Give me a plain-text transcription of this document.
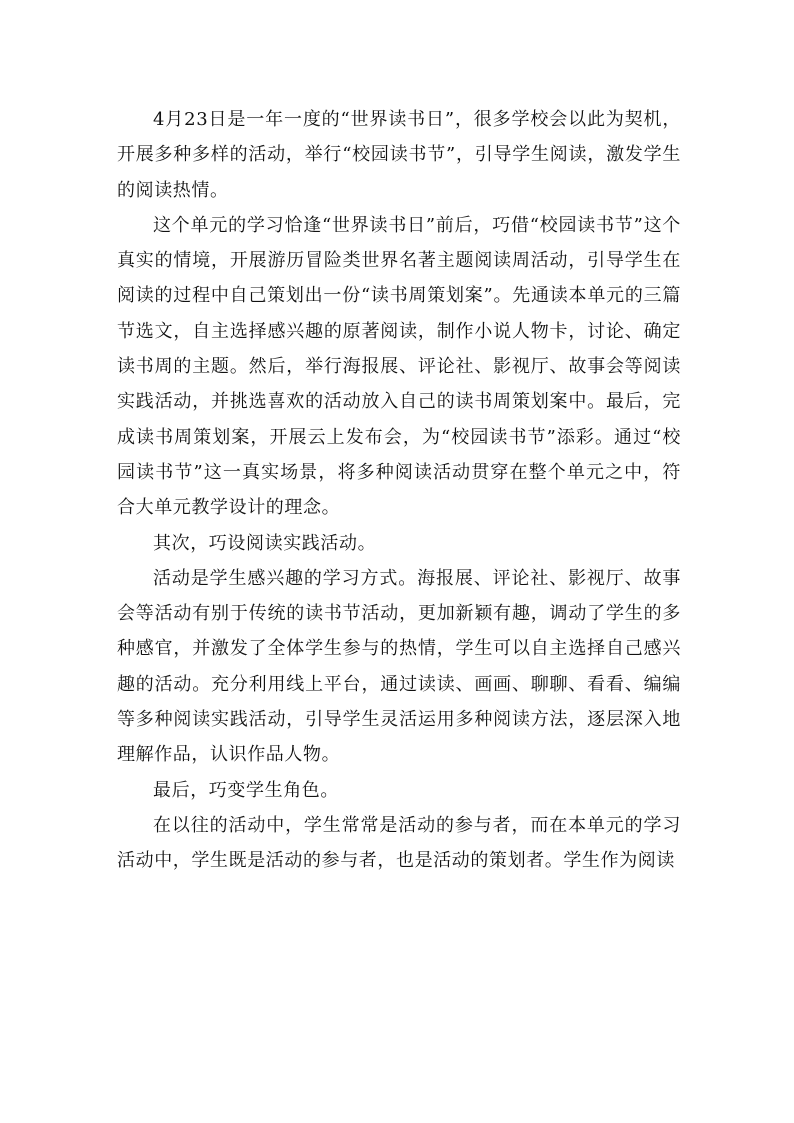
4月23日是一年一度的“世界读书日”，很多学校会以此为契机，开展多种多样的活动，举行“校园读书节”，引导学生阅读，激发学生的阅读热情。

这个单元的学习恰逢“世界读书日”前后，巧借“校园读书节”这个真实的情境，开展游历冒险类世界名著主题阅读周活动，引导学生在阅读的过程中自己策划出一份“读书周策划案”。先通读本单元的三篇节选文，自主选择感兴趣的原著阅读，制作小说人物卡，讨论、确定读书周的主题。然后，举行海报展、评论社、影视厅、故事会等阅读实践活动，并挑选喜欢的活动放入自己的读书周策划案中。最后，完成读书周策划案，开展云上发布会，为“校园读书节”添彩。通过“校园读书节”这一真实场景，将多种阅读活动贯穿在整个单元之中，符合大单元教学设计的理念。

其次，巧设阅读实践活动。

活动是学生感兴趣的学习方式。海报展、评论社、影视厅、故事会等活动有别于传统的读书节活动，更加新颖有趣，调动了学生的多种感官，并激发了全体学生参与的热情，学生可以自主选择自己感兴趣的活动。充分利用线上平台，通过读读、画画、聊聊、看看、编编等多种阅读实践活动，引导学生灵活运用多种阅读方法，逐层深入地理解作品，认识作品人物。

最后，巧变学生角色。

在以往的活动中，学生常常是活动的参与者，而在本单元的学习活动中，学生既是活动的参与者，也是活动的策划者。学生作为阅读
